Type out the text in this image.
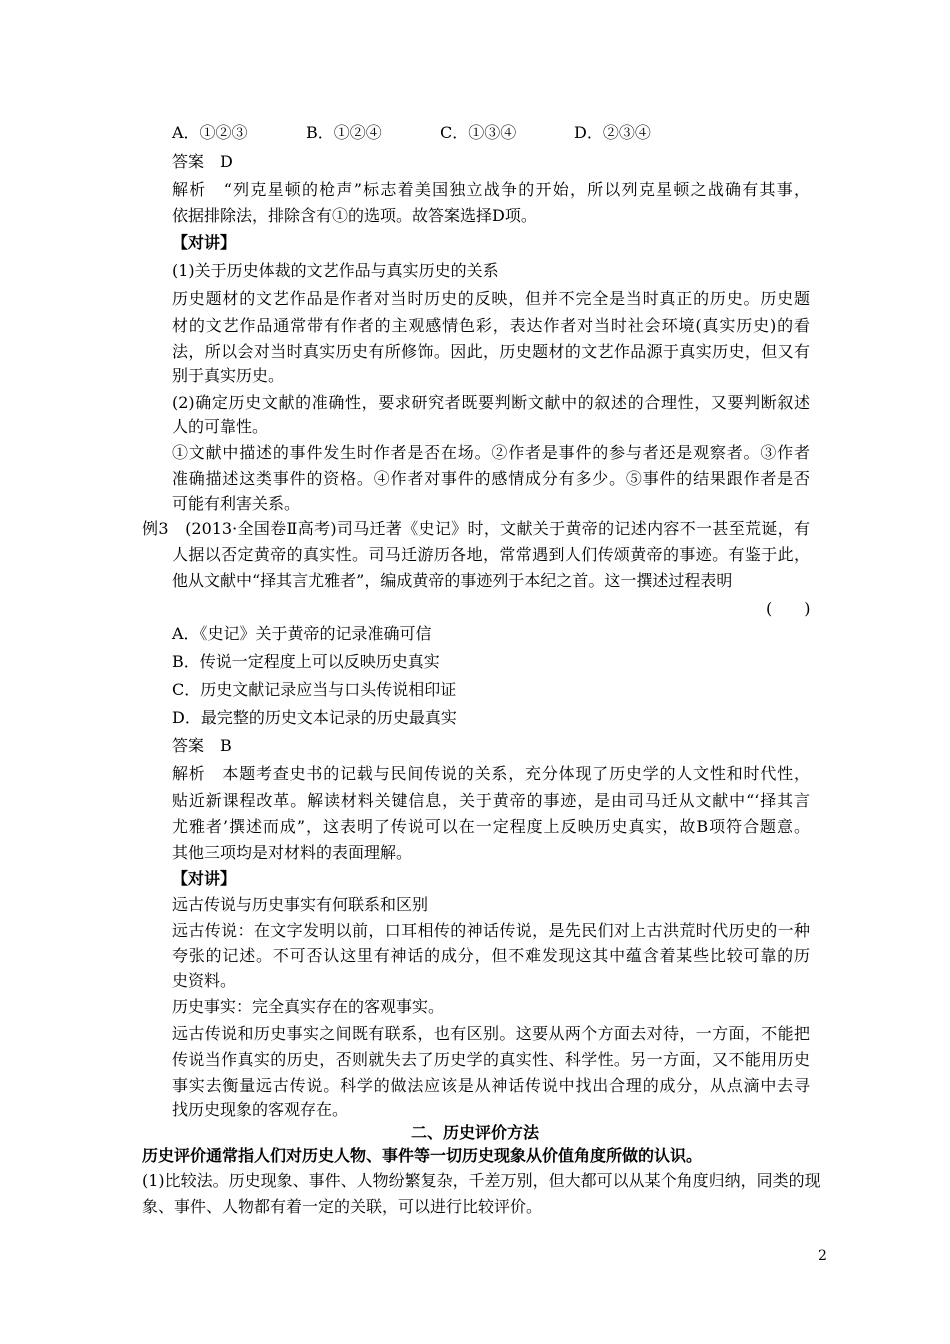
A．①②③	B．①②④	C．①③④	D．②③④
答案　D
解析　“列克星顿的枪声”标志着美国独立战争的开始，所以列克星顿之战确有其事，
依据排除法，排除含有①的选项。故答案选择D项。
【对讲】
(1)关于历史体裁的文艺作品与真实历史的关系
历史题材的文艺作品是作者对当时历史的反映，但并不完全是当时真正的历史。历史题
材的文艺作品通常带有作者的主观感情色彩，表达作者对当时社会环境(真实历史)的看
法，所以会对当时真实历史有所修饰。因此，历史题材的文艺作品源于真实历史，但又有
别于真实历史。
(2)确定历史文献的准确性，要求研究者既要判断文献中的叙述的合理性，又要判断叙述
人的可靠性。
①文献中描述的事件发生时作者是否在场。②作者是事件的参与者还是观察者。③作者
准确描述这类事件的资格。④作者对事件的感情成分有多少。⑤事件的结果跟作者是否
可能有利害关系。
例3　(2013·全国卷Ⅱ高考)司马迁著《史记》时，文献关于黄帝的记述内容不一甚至荒诞，有
人据以否定黄帝的真实性。司马迁游历各地，常常遇到人们传颂黄帝的事迹。有鉴于此，
他从文献中“择其言尤雅者”，编成黄帝的事迹列于本纪之首。这一撰述过程表明
(　　)
A．《史记》关于黄帝的记录准确可信
B．传说一定程度上可以反映历史真实
C．历史文献记录应当与口头传说相印证
D．最完整的历史文本记录的历史最真实
答案　B
解析　本题考查史书的记载与民间传说的关系，充分体现了历史学的人文性和时代性，
贴近新课程改革。解读材料关键信息，关于黄帝的事迹，是由司马迁从文献中“‘择其言
尤雅者’撰述而成”，这表明了传说可以在一定程度上反映历史真实，故B项符合题意。
其他三项均是对材料的表面理解。
【对讲】
远古传说与历史事实有何联系和区别
远古传说：在文字发明以前，口耳相传的神话传说，是先民们对上古洪荒时代历史的一种
夸张的记述。不可否认这里有神话的成分，但不难发现这其中蕴含着某些比较可靠的历
史资料。
历史事实：完全真实存在的客观事实。
远古传说和历史事实之间既有联系，也有区别。这要从两个方面去对待，一方面，不能把
传说当作真实的历史，否则就失去了历史学的真实性、科学性。另一方面，又不能用历史
事实去衡量远古传说。科学的做法应该是从神话传说中找出合理的成分，从点滴中去寻
找历史现象的客观存在。
二、历史评价方法
历史评价通常指人们对历史人物、事件等一切历史现象从价值角度所做的认识。
(1)比较法。历史现象、事件、人物纷繁复杂，千差万别，但大都可以从某个角度归纳，同类的现
象、事件、人物都有着一定的关联，可以进行比较评价。
2
